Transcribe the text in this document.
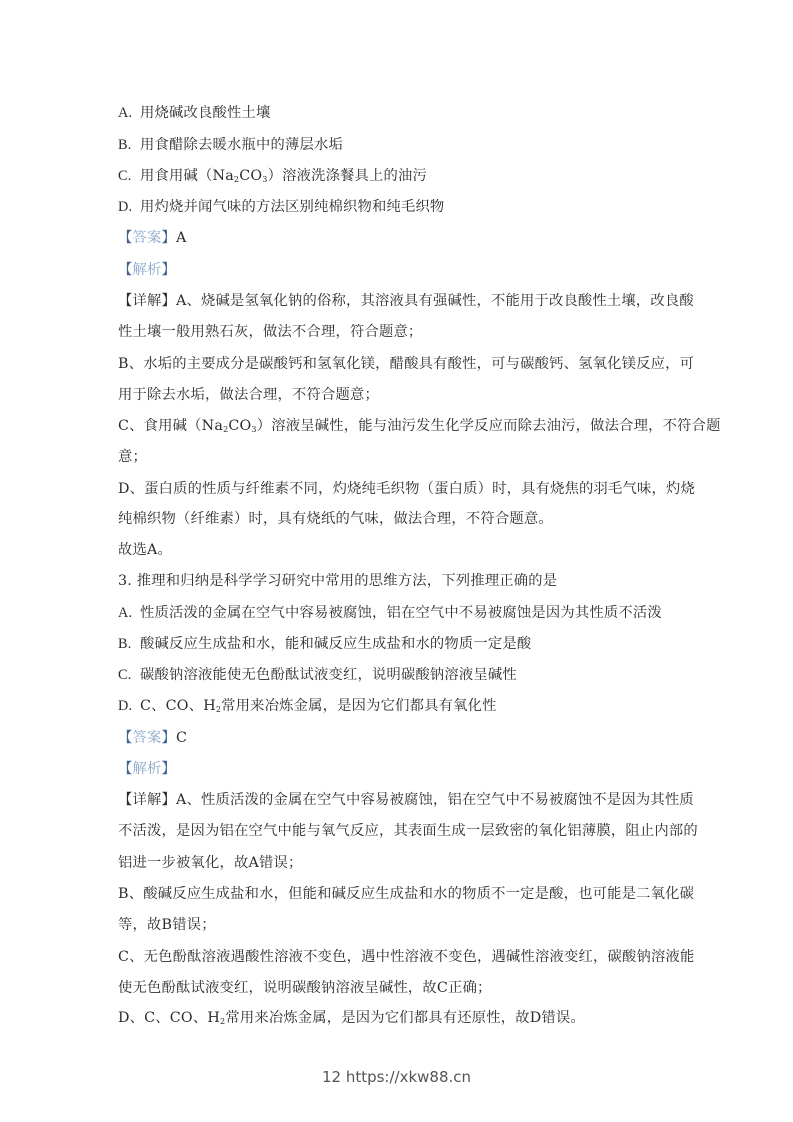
A. 用烧碱改良酸性土壤
B. 用食醋除去暖水瓶中的薄层水垢
C. 用食用碱$(Na_2CO_3)$溶液洗涤餐具上的油污
D. 用灼烧并闻气味的方法区别纯棉织物和纯毛织物
【答案】A
【解析】
【详解】A、烧碱是氢氧化钠的俗称，其溶液具有强碱性，不能用于改良酸性土壤，改良酸
性土壤一般用熟石灰，做法不合理，符合题意；
B、水垢的主要成分是碳酸钙和氢氧化镁，醋酸具有酸性，可与碳酸钙、氢氧化镁反应，可
用于除去水垢，做法合理，不符合题意；
C、食用碱$(Na_2CO_3)$溶液呈碱性，能与油污发生化学反应而除去油污，做法合理，不符合题
意；
D、蛋白质的性质与纤维素不同，灼烧纯毛织物（蛋白质）时，具有烧焦的羽毛气味，灼烧
纯棉织物（纤维素）时，具有烧纸的气味，做法合理，不符合题意。
故选A。
3. 推理和归纳是科学学习研究中常用的思维方法，下列推理正确的是
A. 性质活泼的金属在空气中容易被腐蚀，铝在空气中不易被腐蚀是因为其性质不活泼
B. 酸碱反应生成盐和水，能和碱反应生成盐和水的物质一定是酸
C. 碳酸钠溶液能使无色酚酞试液变红，说明碳酸钠溶液呈碱性
D. C、CO、$H_2$常用来冶炼金属，是因为它们都具有氧化性
【答案】C
【解析】
【详解】A、性质活泼的金属在空气中容易被腐蚀，铝在空气中不易被腐蚀不是因为其性质
不活泼，是因为铝在空气中能与氧气反应，其表面生成一层致密的氧化铝薄膜，阻止内部的
铝进一步被氧化，故A错误；
B、酸碱反应生成盐和水，但能和碱反应生成盐和水的物质不一定是酸，也可能是二氧化碳
等，故B错误；
C、无色酚酞溶液遇酸性溶液不变色，遇中性溶液不变色，遇碱性溶液变红，碳酸钠溶液能
使无色酚酞试液变红，说明碳酸钠溶液呈碱性，故C正确；
D、C、CO、$H_2$常用来冶炼金属，是因为它们都具有还原性，故D错误。
12 https://xkw88.cn
